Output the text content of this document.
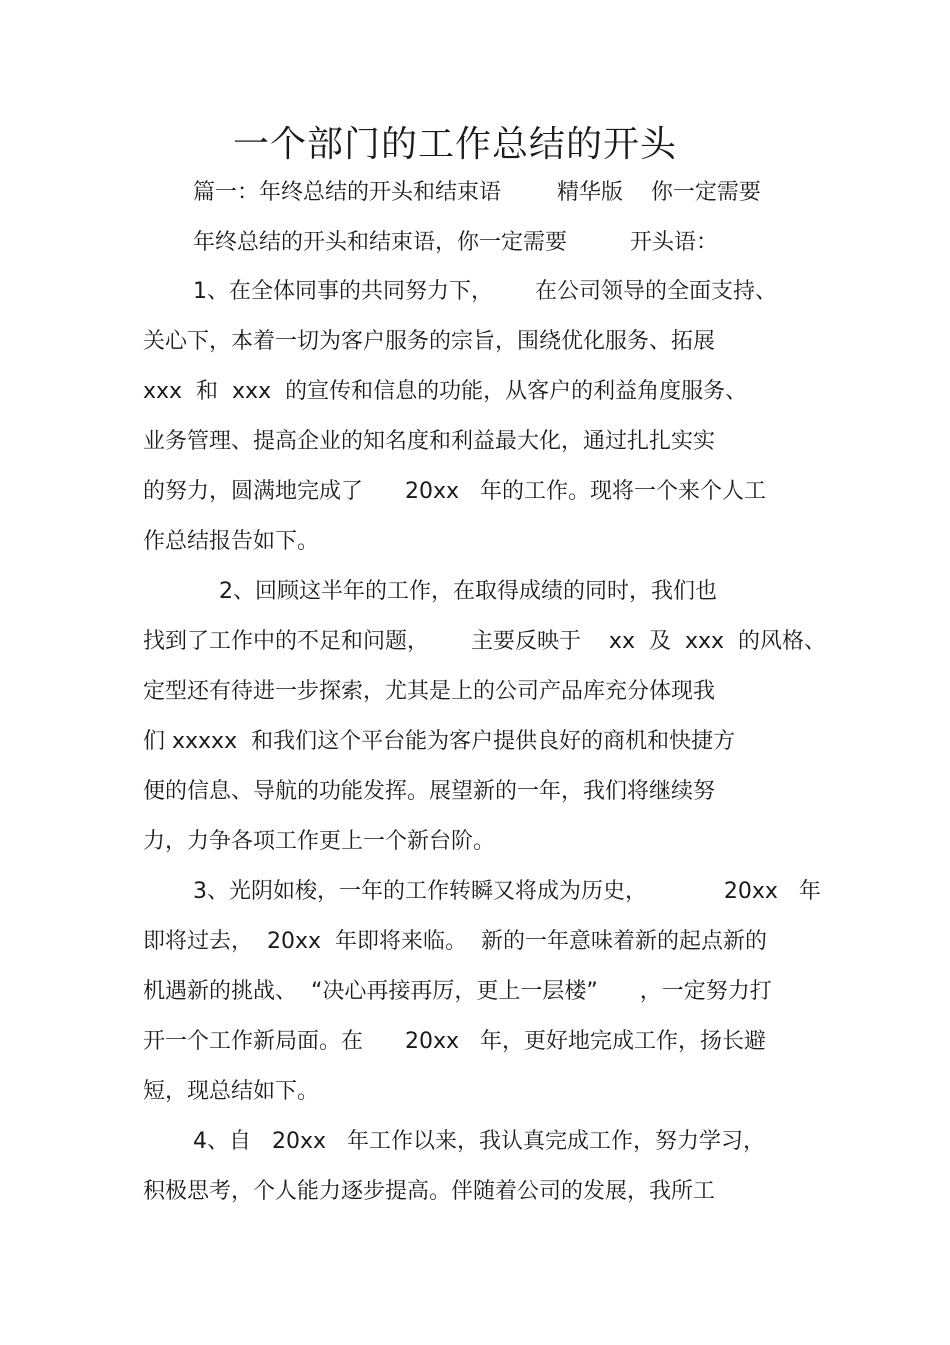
一个部门的工作总结的开头
篇一：年终总结的开头和结束语        精华版    你一定需要
年终总结的开头和结束语，你一定需要         开头语：
1、在全体同事的共同努力下，      在公司领导的全面支持、
关心下，本着一切为客户服务的宗旨，围绕优化服务、拓展
xxx  和  xxx  的宣传和信息的功能，从客户的利益角度服务、
业务管理、提高企业的知名度和利益最大化，通过扎扎实实
的努力，圆满地完成了      20xx   年的工作。现将一个来个人工
作总结报告如下。
2、回顾这半年的工作，在取得成绩的同时，我们也
找到了工作中的不足和问题，      主要反映于    xx  及  xxx  的风格、
定型还有待进一步探索，尤其是上的公司产品库充分体现我
们 xxxxx  和我们这个平台能为客户提供良好的商机和快捷方
便的信息、导航的功能发挥。展望新的一年，我们将继续努
力，力争各项工作更上一个新台阶。
3、光阴如梭，一年的工作转瞬又将成为历史，           20xx   年
即将过去，  20xx  年即将来临。  新的一年意味着新的起点新的
机遇新的挑战、  “决心再接再厉，更上一层楼”      ，一定努力打
开一个工作新局面。在      20xx   年，更好地完成工作，扬长避
短，现总结如下。
4、自   20xx   年工作以来，我认真完成工作，努力学习，
积极思考，个人能力逐步提高。伴随着公司的发展，我所工
